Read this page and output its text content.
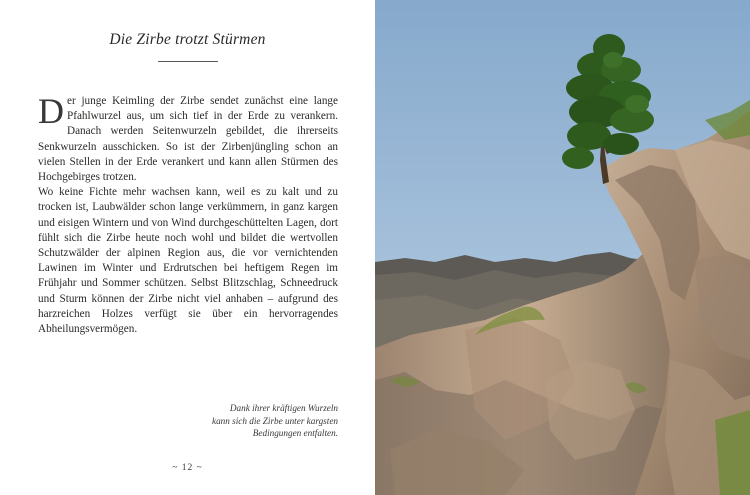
Die Zirbe trotzt Stürmen

Der junge Keimling der Zirbe sendet zunächst eine lange Pfahlwurzel aus, um sich tief in der Erde zu verankern. Danach werden Seitenwurzeln gebildet, die ihrerseits Senkwurzeln ausschicken. So ist der Zirbenjüngling schon an vielen Stellen in der Erde verankert und kann allen Stürmen des Hochgebirges trotzen.

Wo keine Fichte mehr wachsen kann, weil es zu kalt und zu trocken ist, Laubwälder schon lange verkümmern, in ganz kargen und eisigen Wintern und von Wind durchgeschüttelten Lagen, dort fühlt sich die Zirbe heute noch wohl und bildet die wertvollen Schutzwälder der alpinen Region aus, die vor vernichtenden Lawinen im Winter und Erdrutschen bei heftigem Regen im Frühjahr und Sommer schützen. Selbst Blitzschlag, Schneedruck und Sturm können der Zirbe nicht viel anhaben – aufgrund des harzreichen Holzes verfügt sie über ein hervorragendes Abheilungsvermögen.

Dank ihrer kräftigen Wurzeln
kann sich die Zirbe unter kargsten
Bedingungen entfalten.
~ 12 ~
